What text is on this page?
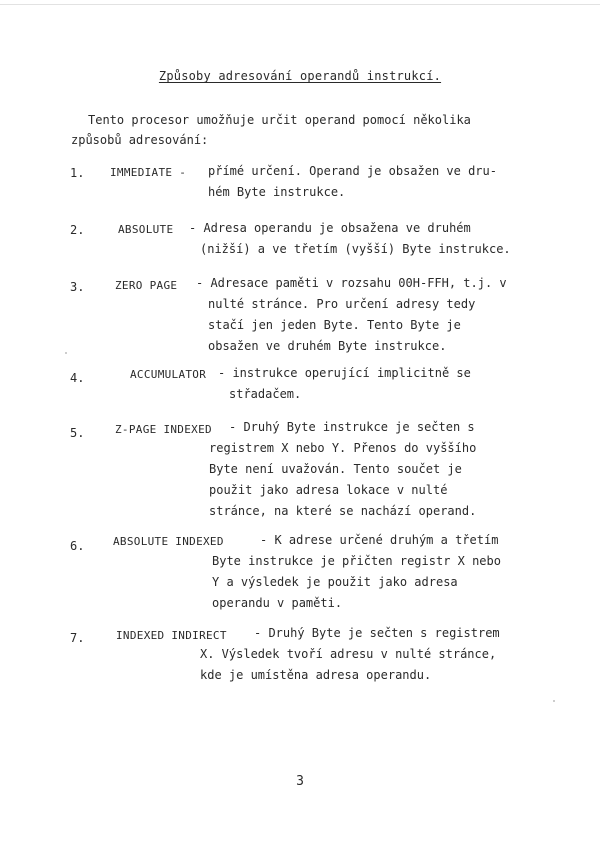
Způsoby adresování operandů instrukcí.
Tento procesor umožňuje určit operand pomocí několika
způsobů adresování:
1. IMMEDIATE - přímé určení. Operand je obsažen ve dru-
hém Byte instrukce.
2.	ABSOLUTE - Adresa operandu je obsažena ve druhém
(nižší) a ve třetím (vyšší) Byte instrukce.
3.	ZERO PAGE - Adresace paměti v rozsahu 00H-FFH, t.j. v
nulté stránce. Pro určení adresy tedy
stačí jen jeden Byte. Tento Byte je
obsažen ve druhém Byte instrukce.
4.	ACCUMULATOR - instrukce operující implicitně se
střadačem.
5.	Z-PAGE INDEXED - Druhý Byte instrukce je sečten s
registrem X nebo Y. Přenos do vyššího
Byte není uvažován. Tento součet je
použit jako adresa lokace v nulté
stránce, na které se nachází operand.
6.	ABSOLUTE INDEXED	- K adrese určené druhým a třetím
Byte instrukce je přičten registr X nebo
Y a výsledek je použit jako adresa
operandu v paměti.
7.	INDEXED INDIRECT - Druhý Byte je sečten s registrem
X. Výsledek tvoří adresu v nulté stránce,
kde je umístěna adresa operandu.
3
